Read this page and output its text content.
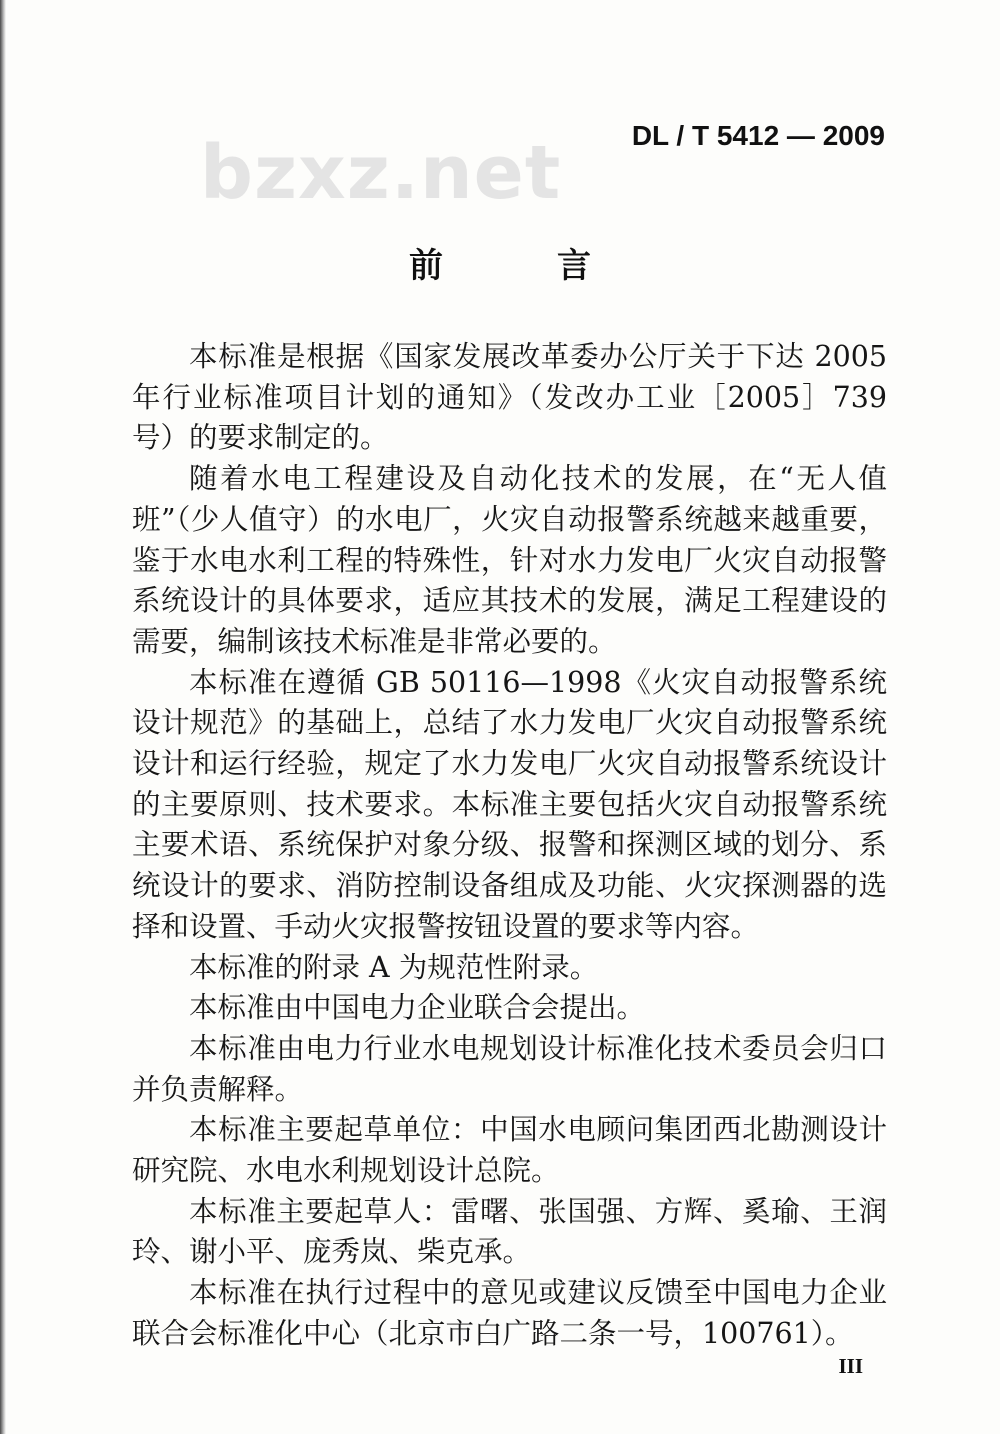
DL / T 5412 — 2009
bzxz.net
前　言

本标准是根据《国家发展改革委办公厅关于下达 2005 年行业标准项目计划的通知》（发改办工业［2005］739 号）的要求制定的。

随着水电工程建设及自动化技术的发展，在“无人值班”（少人值守）的水电厂，火灾自动报警系统越来越重要，鉴于水电水利工程的特殊性，针对水力发电厂火灾自动报警系统设计的具体要求，适应其技术的发展，满足工程建设的需要，编制该技术标准是非常必要的。

本标准在遵循 GB 50116—1998《火灾自动报警系统设计规范》的基础上，总结了水力发电厂火灾自动报警系统设计和运行经验，规定了水力发电厂火灾自动报警系统设计的主要原则、技术要求。本标准主要包括火灾自动报警系统主要术语、系统保护对象分级、报警和探测区域的划分、系统设计的要求、消防控制设备组成及功能、火灾探测器的选择和设置、手动火灾报警按钮设置的要求等内容。

本标准的附录 A 为规范性附录。

本标准由中国电力企业联合会提出。

本标准由电力行业水电规划设计标准化技术委员会归口并负责解释。

本标准主要起草单位：中国水电顾问集团西北勘测设计研究院、水电水利规划设计总院。

本标准主要起草人：雷曙、张国强、方辉、奚瑜、王润玲、谢小平、庞秀岚、柴克承。

本标准在执行过程中的意见或建议反馈至中国电力企业联合会标准化中心（北京市白广路二条一号，100761）。

III
